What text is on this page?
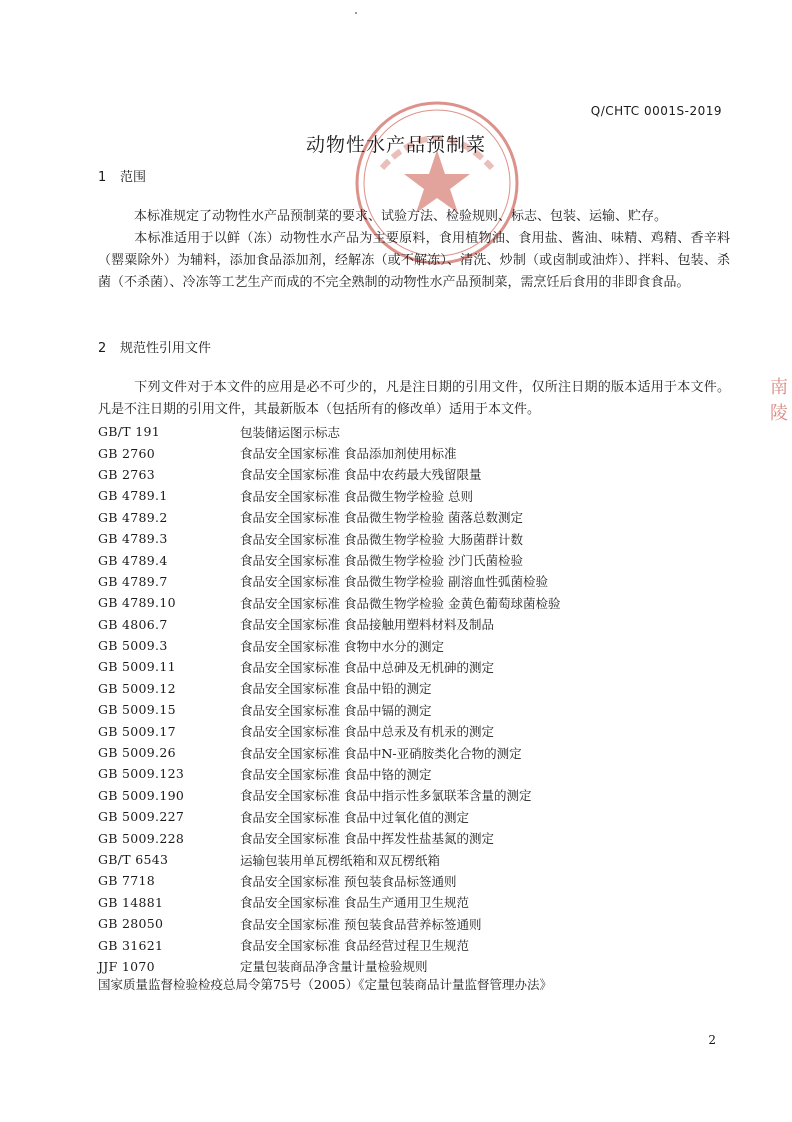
Q/CHTC 0001S-2019
动物性水产品预制菜
1 范围
本标准规定了动物性水产品预制菜的要求、试验方法、检验规则、标志、包装、运输、贮存。
本标准适用于以鲜（冻）动物性水产品为主要原料，食用植物油、食用盐、酱油、味精、鸡精、香辛料（罂粟除外）为辅料，添加食品添加剂，经解冻（或不解冻）、清洗、炒制（或卤制或油炸）、拌料、包装、杀菌（不杀菌）、冷冻等工艺生产而成的不完全熟制的动物性水产品预制菜，需烹饪后食用的非即食食品。
2 规范性引用文件
下列文件对于本文件的应用是必不可少的，凡是注日期的引用文件，仅所注日期的版本适用于本文件。凡是不注日期的引用文件，其最新版本（包括所有的修改单）适用于本文件。
GB/T 191	包装储运图示标志
GB 2760	食品安全国家标准 食品添加剂使用标准
GB 2763	食品安全国家标准 食品中农药最大残留限量
GB 4789.1	食品安全国家标准 食品微生物学检验 总则
GB 4789.2	食品安全国家标准 食品微生物学检验 菌落总数测定
GB 4789.3	食品安全国家标准 食品微生物学检验 大肠菌群计数
GB 4789.4	食品安全国家标准 食品微生物学检验 沙门氏菌检验
GB 4789.7	食品安全国家标准 食品微生物学检验 副溶血性弧菌检验
GB 4789.10	食品安全国家标准 食品微生物学检验 金黄色葡萄球菌检验
GB 4806.7	食品安全国家标准 食品接触用塑料材料及制品
GB 5009.3	食品安全国家标准 食物中水分的测定
GB 5009.11	食品安全国家标准 食品中总砷及无机砷的测定
GB 5009.12	食品安全国家标准 食品中铅的测定
GB 5009.15	食品安全国家标准 食品中镉的测定
GB 5009.17	食品安全国家标准 食品中总汞及有机汞的测定
GB 5009.26	食品安全国家标准 食品中N-亚硝胺类化合物的测定
GB 5009.123	食品安全国家标准 食品中铬的测定
GB 5009.190	食品安全国家标准 食品中指示性多氯联苯含量的测定
GB 5009.227	食品安全国家标准 食品中过氧化值的测定
GB 5009.228	食品安全国家标准 食品中挥发性盐基氮的测定
GB/T 6543	运输包装用单瓦楞纸箱和双瓦楞纸箱
GB 7718	食品安全国家标准 预包装食品标签通则
GB 14881	食品安全国家标准 食品生产通用卫生规范
GB 28050	食品安全国家标准 预包装食品营养标签通则
GB 31621	食品安全国家标准 食品经营过程卫生规范
JJF 1070	定量包装商品净含量计量检验规则
国家质量监督检验检疫总局令第75号（2005）《定量包装商品计量监督管理办法》
南
陵
2
